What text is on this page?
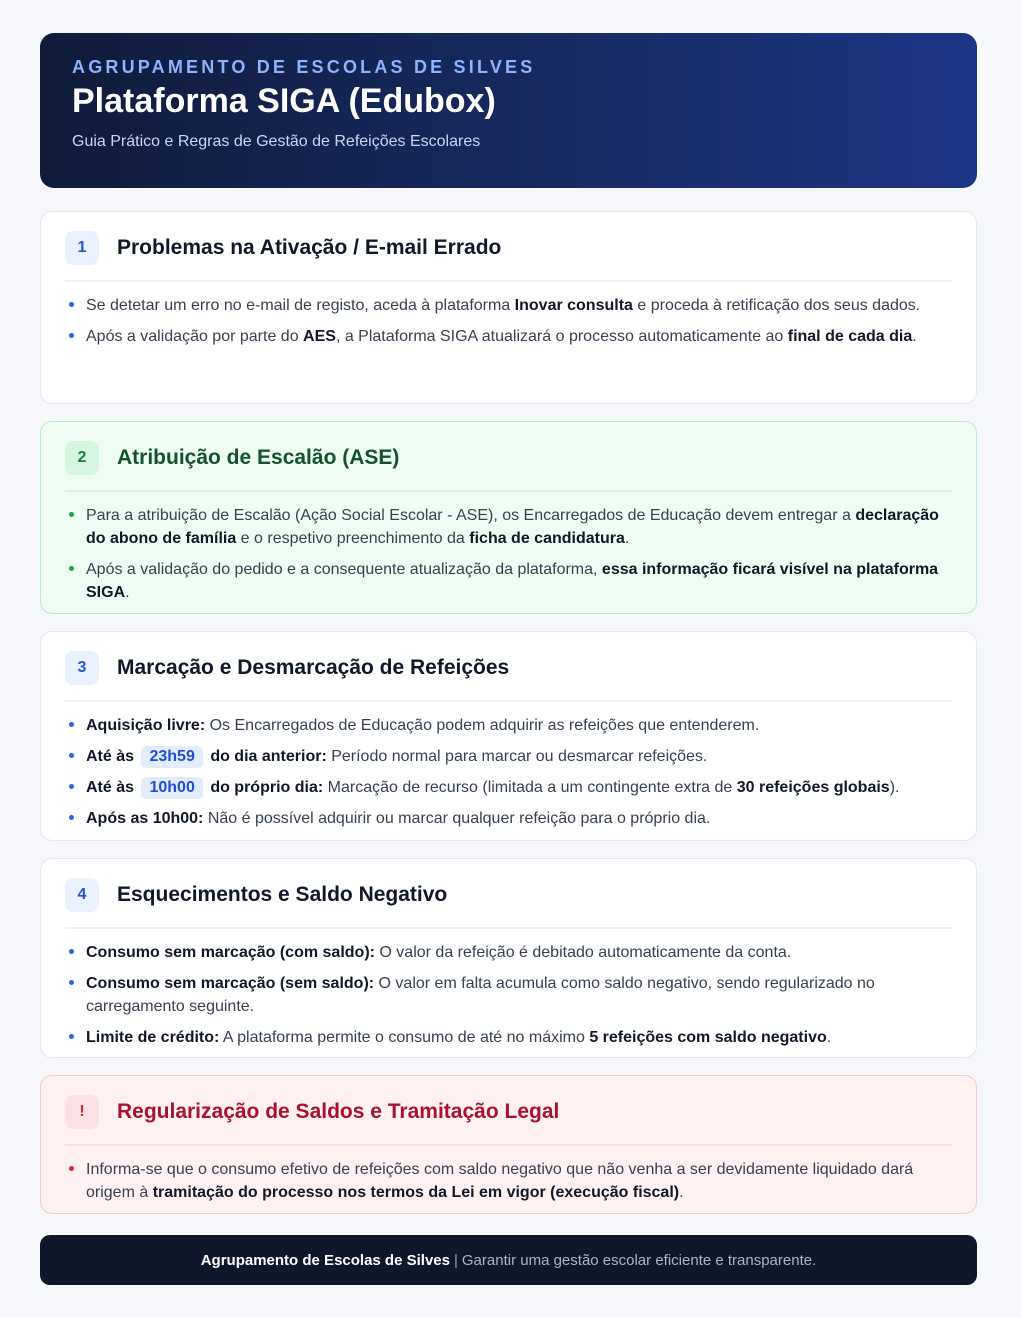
AGRUPAMENTO DE ESCOLAS DE SILVES
Plataforma SIGA (Edubox)
Guia Prático e Regras de Gestão de Refeições Escolares
1	Problemas na Ativação / E-mail Errado
Se detetar um erro no e-mail de registo, aceda à plataforma Inovar consulta e proceda à retificação dos seus dados.
Após a validação por parte do AES, a Plataforma SIGA atualizará o processo automaticamente ao final de cada dia.
2	Atribuição de Escalão (ASE)
Para a atribuição de Escalão (Ação Social Escolar - ASE), os Encarregados de Educação devem entregar a declaração do abono de família e o respetivo preenchimento da ficha de candidatura.
Após a validação do pedido e a consequente atualização da plataforma, essa informação ficará visível na plataforma SIGA.
3	Marcação e Desmarcação de Refeições
Aquisição livre: Os Encarregados de Educação podem adquirir as refeições que entenderem.
Até às 23h59 do dia anterior: Período normal para marcar ou desmarcar refeições.
Até às 10h00 do próprio dia: Marcação de recurso (limitada a um contingente extra de 30 refeições globais).
Após as 10h00: Não é possível adquirir ou marcar qualquer refeição para o próprio dia.
4	Esquecimentos e Saldo Negativo
Consumo sem marcação (com saldo): O valor da refeição é debitado automaticamente da conta.
Consumo sem marcação (sem saldo): O valor em falta acumula como saldo negativo, sendo regularizado no carregamento seguinte.
Limite de crédito: A plataforma permite o consumo de até no máximo 5 refeições com saldo negativo.
!	Regularização de Saldos e Tramitação Legal
Informa-se que o consumo efetivo de refeições com saldo negativo que não venha a ser devidamente liquidado dará origem à tramitação do processo nos termos da Lei em vigor (execução fiscal).
Agrupamento de Escolas de Silves | Garantir uma gestão escolar eficiente e transparente.
